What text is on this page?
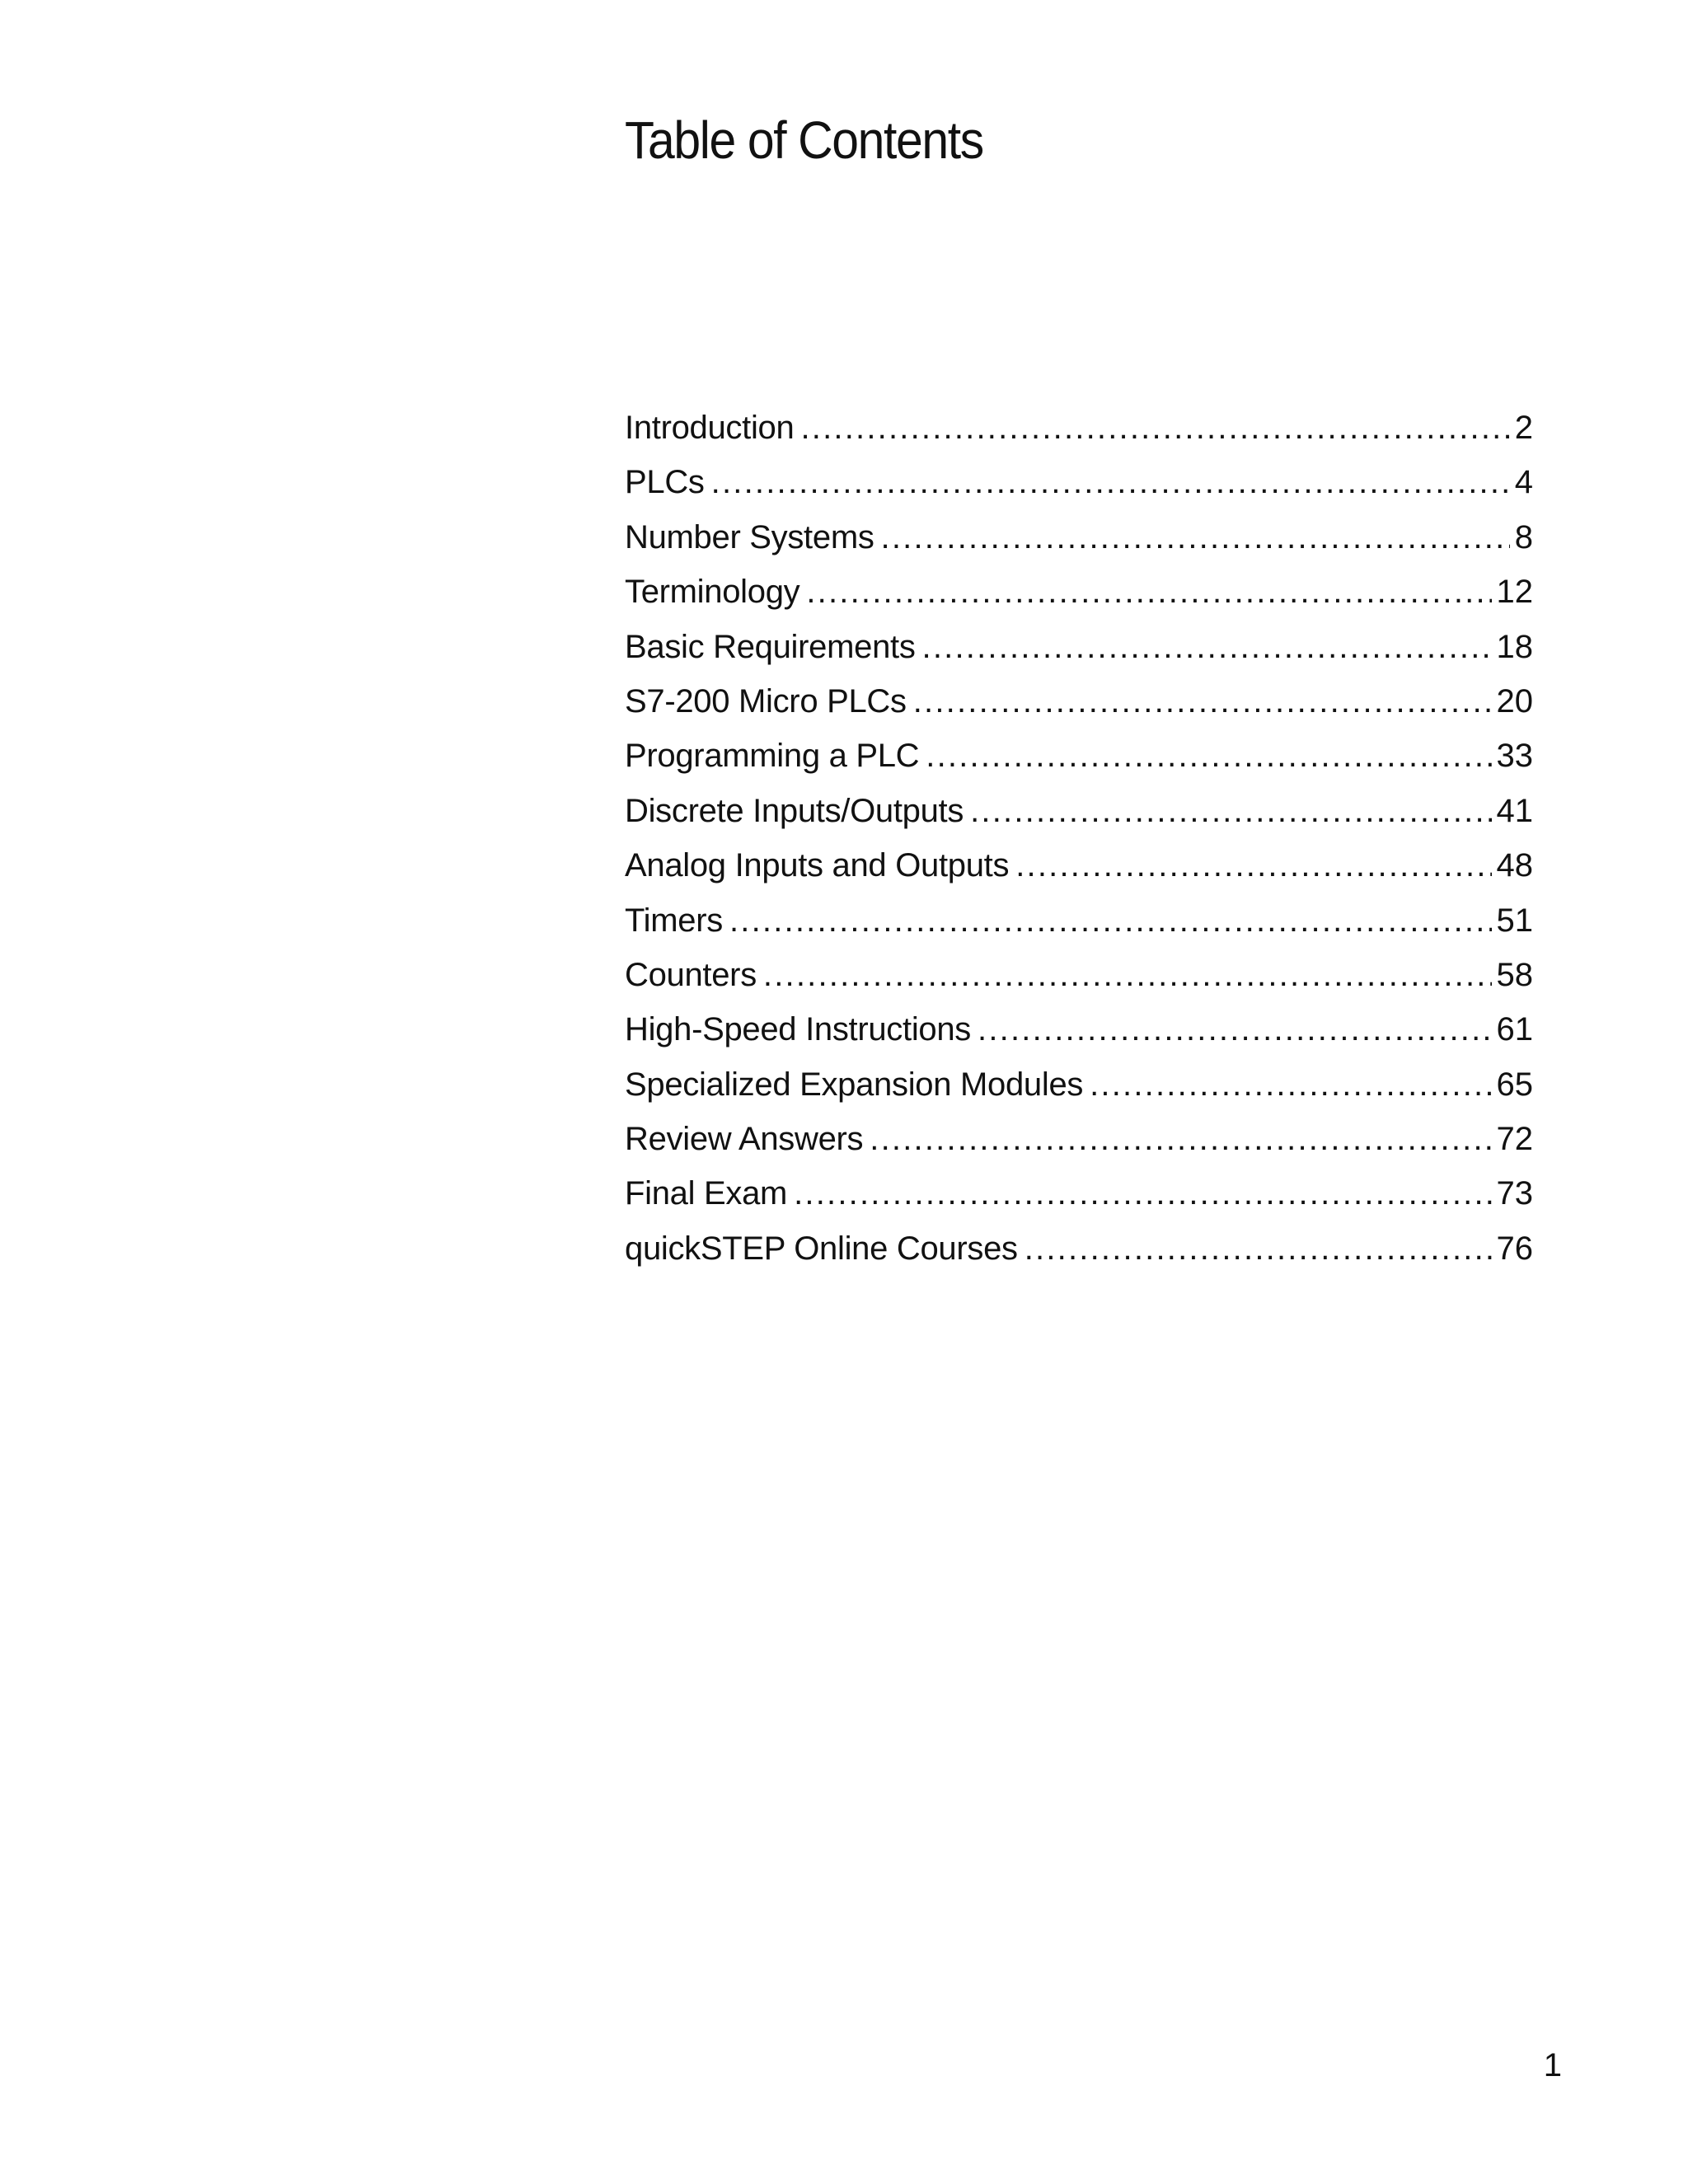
Table of Contents
Introduction .....	2
PLCs .....	4
Number Systems .....	8
Terminology .....	12
Basic Requirements .....	18
S7-200 Micro PLCs .....	20
Programming a PLC .....	33
Discrete Inputs/Outputs .....	41
Analog Inputs and Outputs .....	48
Timers .....	51
Counters .....	58
High-Speed Instructions .....	61
Specialized Expansion Modules .....	65
Review Answers .....	72
Final Exam .....	73
quickSTEP Online Courses .....	76
1
